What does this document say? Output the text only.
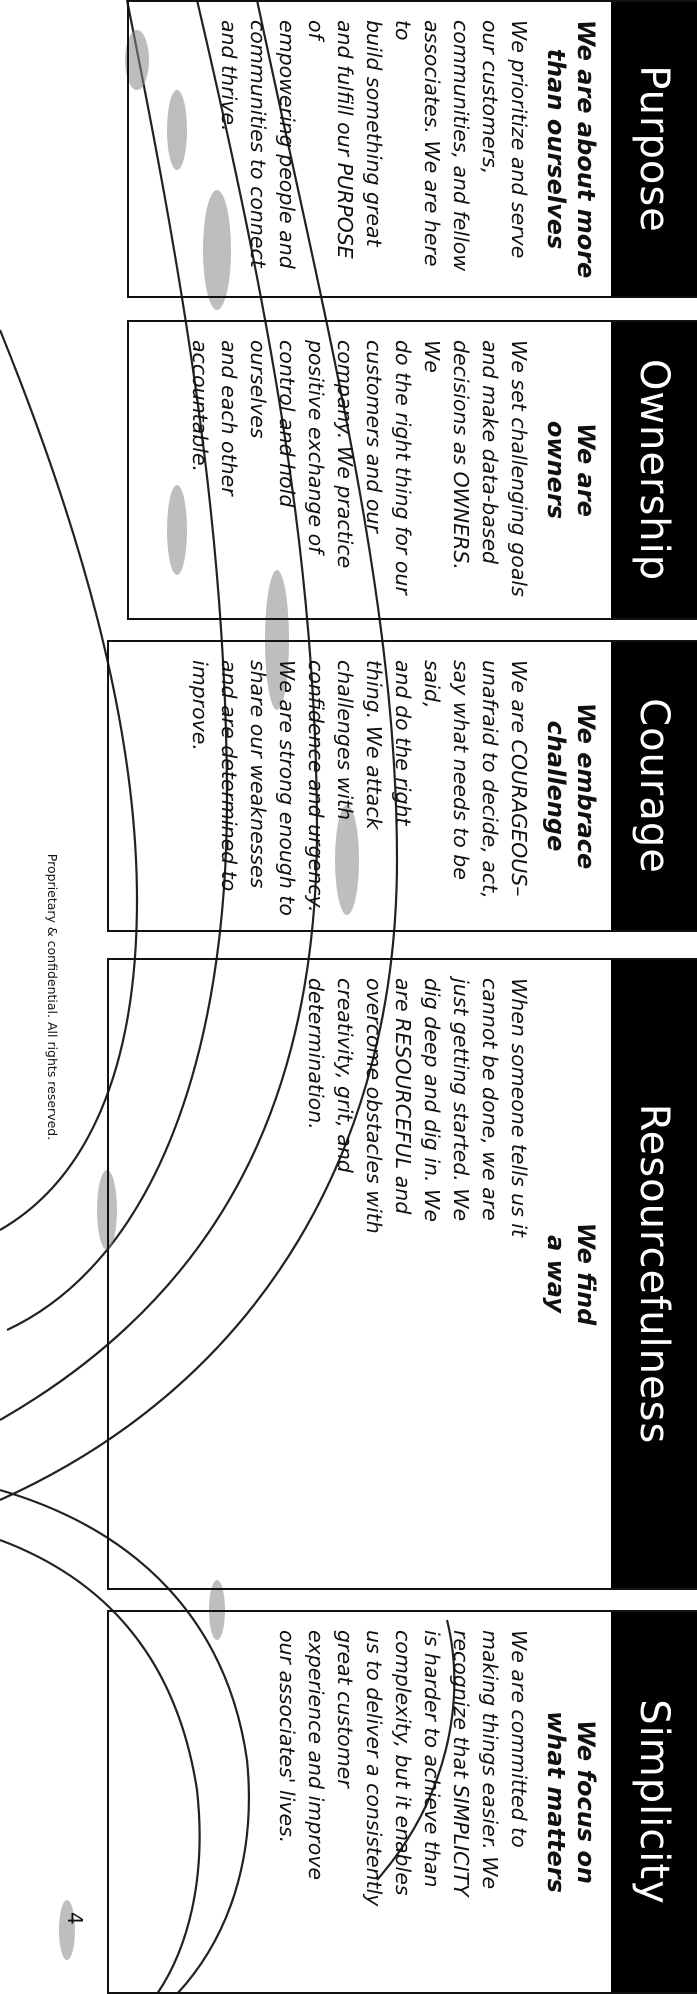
Purpose
We are about more
than ourselves
We prioritize and serve
our customers,
communities, and fellow
associates. We are here to
build something great
and fulfill our PURPOSE of
empowering people and
communities to connect
and thrive.
Ownership
We are
owners
We set challenging goals
and make data-based
decisions as OWNERS. We
do the right thing for our
customers and our
company. We practice
positive exchange of
control and hold ourselves
and each other
accountable.
Courage
We embrace
challenge
We are COURAGEOUS–
unafraid to decide, act,
say what needs to be said,
and do the right
thing. We attack
challenges with
confidence and urgency.
We are strong enough to
share our weaknesses
and are determined to
improve.
Resourcefulness
We find
a way
When someone tells us it
cannot be done, we are
just getting started. We
dig deep and dig in. We
are RESOURCEFUL and
overcome obstacles with
creativity, grit, and
determination.
Simplicity
We focus on
what matters
We are committed to
making things easier. We
recognize that SIMPLICITY
is harder to achieve than
complexity, but it enables
us to deliver a consistently
great customer
experience and improve
our associates' lives.
Proprietary & confidential. All rights reserved.
4
